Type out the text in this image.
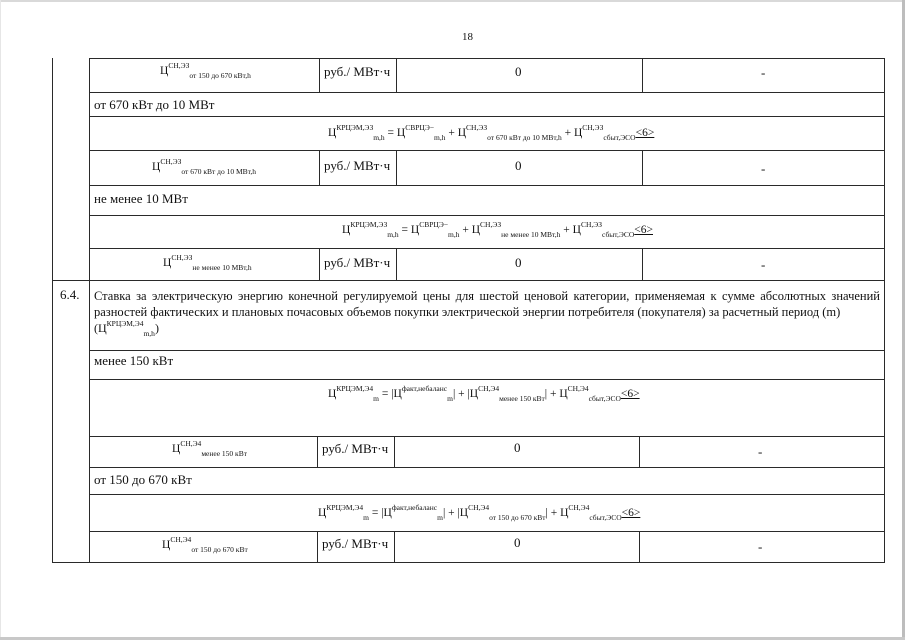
18
$Ц^{СН,ЭЗ}_{от 150 до 670 кВт,h}$	руб./ МВт·ч	0	-
от 670 кВт до 10 МВт
$Ц^{КРЦЭМ,ЭЗ}_{m,h} = Ц^{СВРЦЭ-}_{m,h} + Ц^{СН,ЭЗ}_{от 670 кВт до 10 МВт,h} + Ц^{СН,ЭЗ}_{сбыт,ЭСО}<6>$
$Ц^{СН,ЭЗ}_{от 670 кВт до 10 МВт,h}$	руб./ МВт·ч	0	-
не менее 10 МВт
$Ц^{КРЦЭМ,ЭЗ}_{m,h} = Ц^{СВРЦЭ-}_{m,h} + Ц^{СН,ЭЗ}_{не менее 10 МВт,h} + Ц^{СН,ЭЗ}_{сбыт,ЭСО}<6>$
$Ц^{СН,ЭЗ}_{не менее 10 МВт,h}$	руб./ МВт·ч	0	-
6.4. Ставка за электрическую энергию конечной регулируемой цены для шестой ценовой категории, применяемая к сумме абсолютных значений разностей фактических и плановых почасовых объемов покупки электрической энергии потребителя (покупателя) за расчетный период (m)
$(Ц^{КРЦЭМ,Э4}_{m,h})$
менее 150 кВт
$Ц^{КРЦЭМ,Э4}_m = |Ц^{факт,небаланс}_m| + |Ц^{СН,Э4}_{менее 150 кВт}| + Ц^{СН,Э4}_{сбыт,ЭСО}<6>$
$Ц^{СН,Э4}_{менее 150 кВт}$	руб./ МВт·ч	0	-
от 150 до 670 кВт
$Ц^{КРЦЭМ,Э4}_m = |Ц^{факт,небаланс}_m| + |Ц^{СН,Э4}_{от 150 до 670 кВт}| + Ц^{СН,Э4}_{сбыт,ЭСО}<6>$
$Ц^{СН,Э4}_{от 150 до 670 кВт}$	руб./ МВт·ч	0	-
